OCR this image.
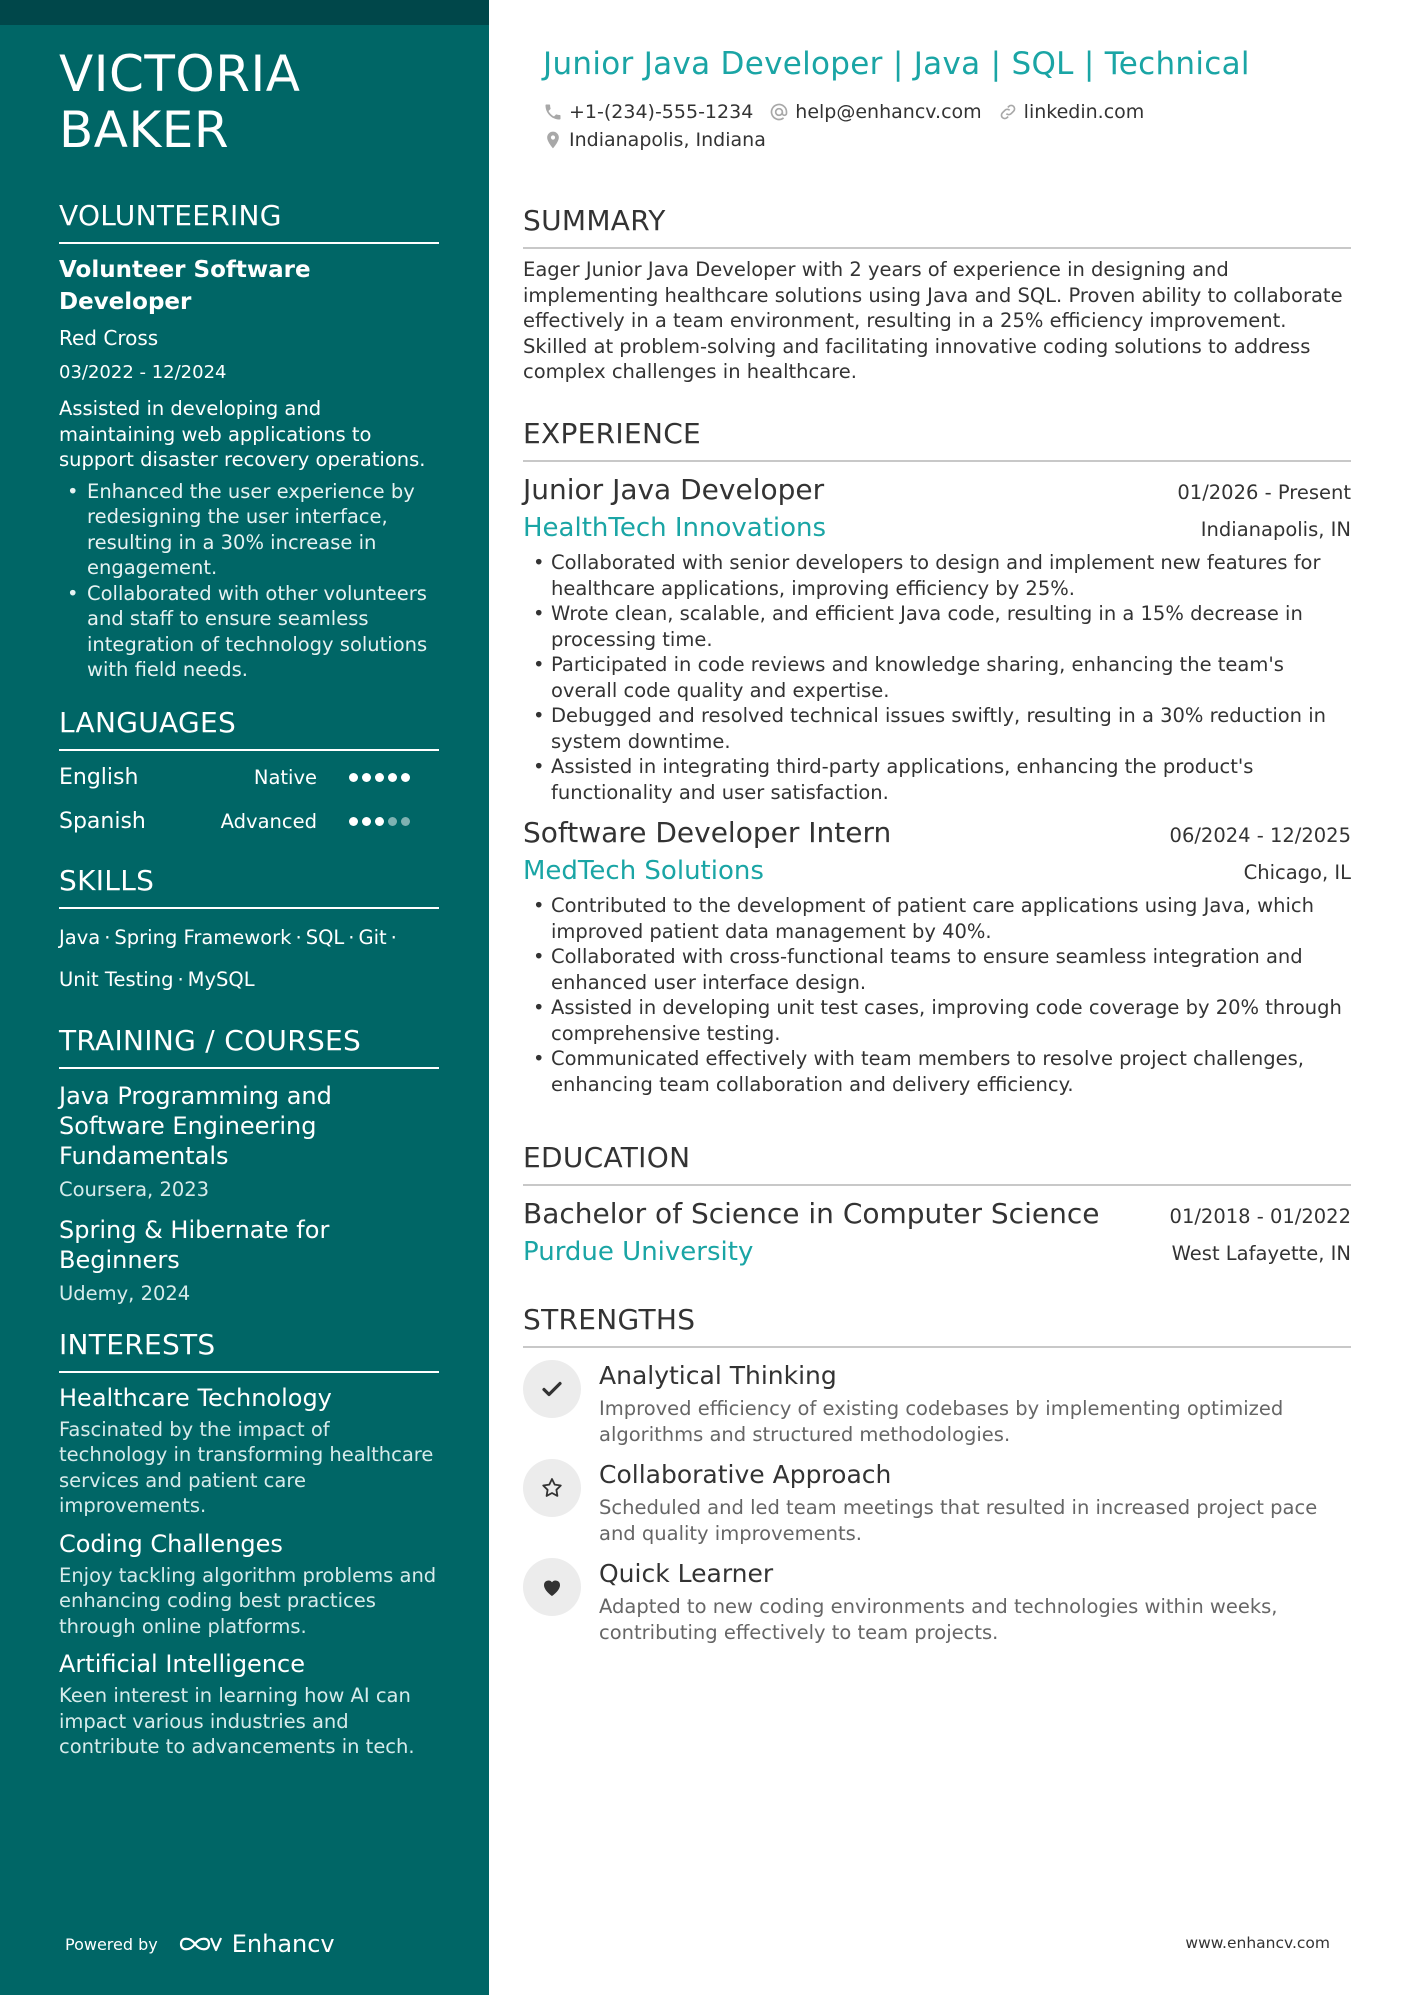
VICTORIA
BAKER
VOLUNTEERING
Volunteer Software Developer
Red Cross
03/2022 - 12/2024
Assisted in developing and maintaining web applications to support disaster recovery operations.
• Enhanced the user experience by redesigning the user interface, resulting in a 30% increase in engagement.
• Collaborated with other volunteers and staff to ensure seamless integration of technology solutions with field needs.
LANGUAGES
English	Native
Spanish	Advanced
SKILLS
Java · Spring Framework · SQL · Git ·
Unit Testing · MySQL
TRAINING / COURSES
Java Programming and Software Engineering Fundamentals
Coursera, 2023
Spring & Hibernate for Beginners
Udemy, 2024
INTERESTS
Healthcare Technology
Fascinated by the impact of technology in transforming healthcare services and patient care improvements.
Coding Challenges
Enjoy tackling algorithm problems and enhancing coding best practices through online platforms.
Artificial Intelligence
Keen interest in learning how AI can impact various industries and contribute to advancements in tech.
Powered by	Enhancv
Junior Java Developer | Java | SQL | Technical
+1-(234)-555-1234 help@enhancv.com linkedin.com
Indianapolis, Indiana
SUMMARY
Eager Junior Java Developer with 2 years of experience in designing and implementing healthcare solutions using Java and SQL. Proven ability to collaborate effectively in a team environment, resulting in a 25% efficiency improvement. Skilled at problem-solving and facilitating innovative coding solutions to address complex challenges in healthcare.
EXPERIENCE
Junior Java Developer	01/2026 - Present
HealthTech Innovations	Indianapolis, IN
• Collaborated with senior developers to design and implement new features for healthcare applications, improving efficiency by 25%.
• Wrote clean, scalable, and efficient Java code, resulting in a 15% decrease in processing time.
• Participated in code reviews and knowledge sharing, enhancing the team's overall code quality and expertise.
• Debugged and resolved technical issues swiftly, resulting in a 30% reduction in system downtime.
• Assisted in integrating third-party applications, enhancing the product's functionality and user satisfaction.
Software Developer Intern	06/2024 - 12/2025
MedTech Solutions	Chicago, IL
• Contributed to the development of patient care applications using Java, which improved patient data management by 40%.
• Collaborated with cross-functional teams to ensure seamless integration and enhanced user interface design.
• Assisted in developing unit test cases, improving code coverage by 20% through comprehensive testing.
• Communicated effectively with team members to resolve project challenges, enhancing team collaboration and delivery efficiency.
EDUCATION
Bachelor of Science in Computer Science	01/2018 - 01/2022
Purdue University	West Lafayette, IN
STRENGTHS
Analytical Thinking
Improved efficiency of existing codebases by implementing optimized algorithms and structured methodologies.
Collaborative Approach
Scheduled and led team meetings that resulted in increased project pace and quality improvements.
Quick Learner
Adapted to new coding environments and technologies within weeks, contributing effectively to team projects.
www.enhancv.com
